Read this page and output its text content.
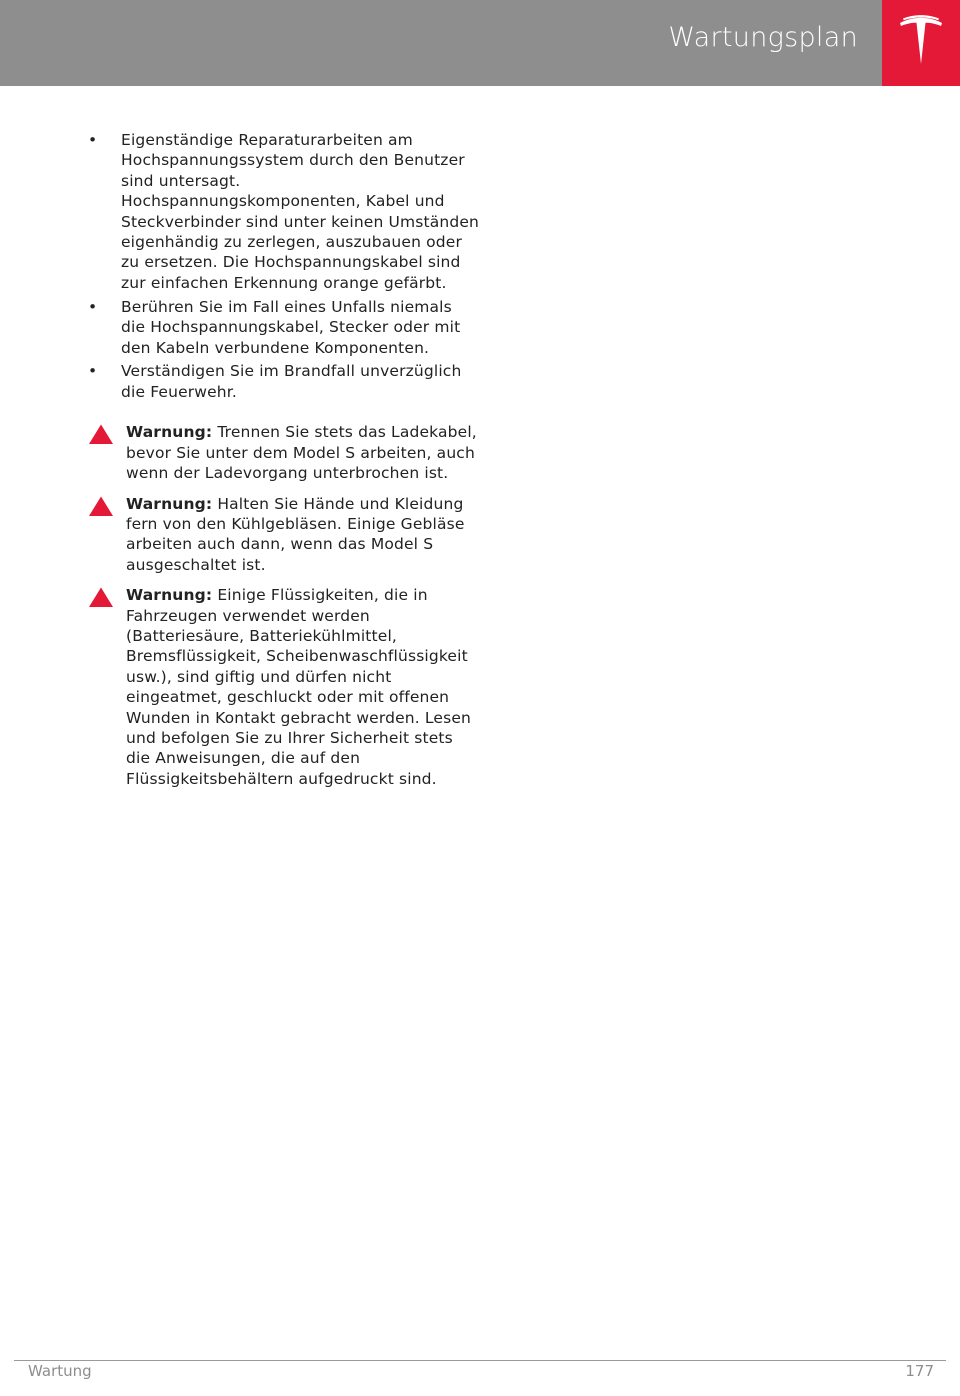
Wartungsplan
• Eigenständige Reparaturarbeiten am Hochspannungssystem durch den Benutzer sind untersagt. Hochspannungskomponenten, Kabel und Steckverbinder sind unter keinen Umständen eigenhändig zu zerlegen, auszubauen oder zu ersetzen. Die Hochspannungskabel sind zur einfachen Erkennung orange gefärbt.
• Berühren Sie im Fall eines Unfalls niemals die Hochspannungskabel, Stecker oder mit den Kabeln verbundene Komponenten.
• Verständigen Sie im Brandfall unverzüglich die Feuerwehr.
Warnung: Trennen Sie stets das Ladekabel, bevor Sie unter dem Model S arbeiten, auch wenn der Ladevorgang unterbrochen ist.
Warnung: Halten Sie Hände und Kleidung fern von den Kühlgebläsen. Einige Gebläse arbeiten auch dann, wenn das Model S ausgeschaltet ist.
Warnung: Einige Flüssigkeiten, die in Fahrzeugen verwendet werden (Batteriesäure, Batteriekühlmittel, Bremsflüssigkeit, Scheibenwaschflüssigkeit usw.), sind giftig und dürfen nicht eingeatmet, geschluckt oder mit offenen Wunden in Kontakt gebracht werden. Lesen und befolgen Sie zu Ihrer Sicherheit stets die Anweisungen, die auf den Flüssigkeitsbehältern aufgedruckt sind.
Wartung	177
